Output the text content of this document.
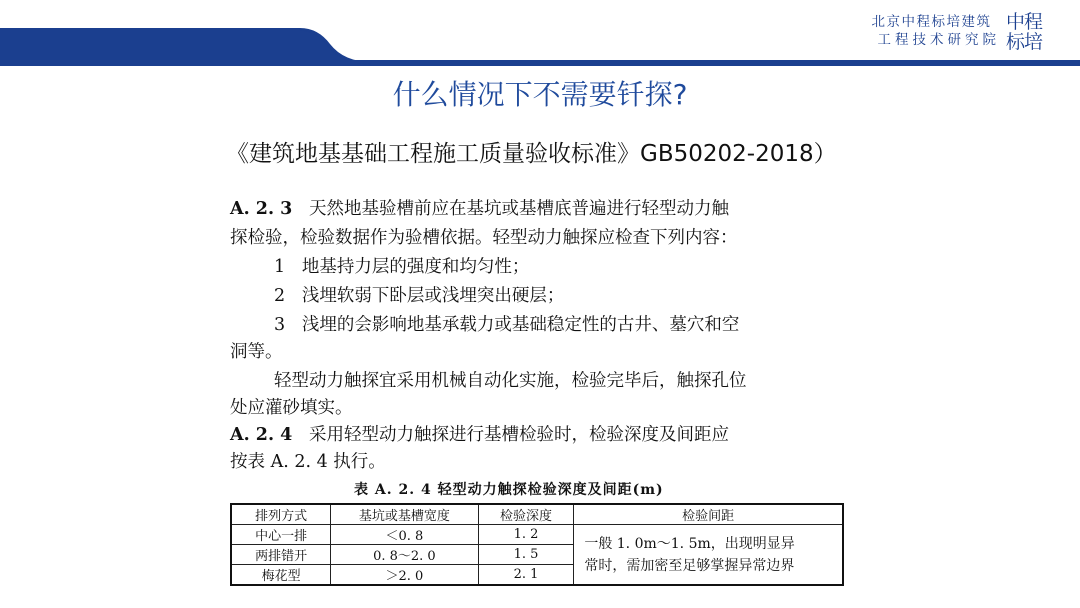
北京中程标培建筑
工程技术研究院
中程
标培
什么情况下不需要钎探?
《建筑地基基础工程施工质量验收标准》GB50202-2018）
A. 2. 3 天然地基验槽前应在基坑或基槽底普遍进行轻型动力触
探检验，检验数据作为验槽依据。轻型动力触探应检查下列内容：
1 地基持力层的强度和均匀性；
2 浅埋软弱下卧层或浅埋突出硬层；
3 浅埋的会影响地基承载力或基础稳定性的古井、墓穴和空
洞等。
轻型动力触探宜采用机械自动化实施，检验完毕后，触探孔位
处应灌砂填实。
A. 2. 4 采用轻型动力触探进行基槽检验时，检验深度及间距应
按表 A. 2. 4 执行。
表 A. 2. 4 轻型动力触探检验深度及间距(m)
排列方式	基坑或基槽宽度	检验深度	检验间距
中心一排	＜0. 8	1. 2	一般 1. 0m～1. 5m，出现明显异
常时，需加密至足够掌握异常边界

两排错开	0. 8～2. 0	1. 5	
梅花型	＞2. 0	2. 1	
